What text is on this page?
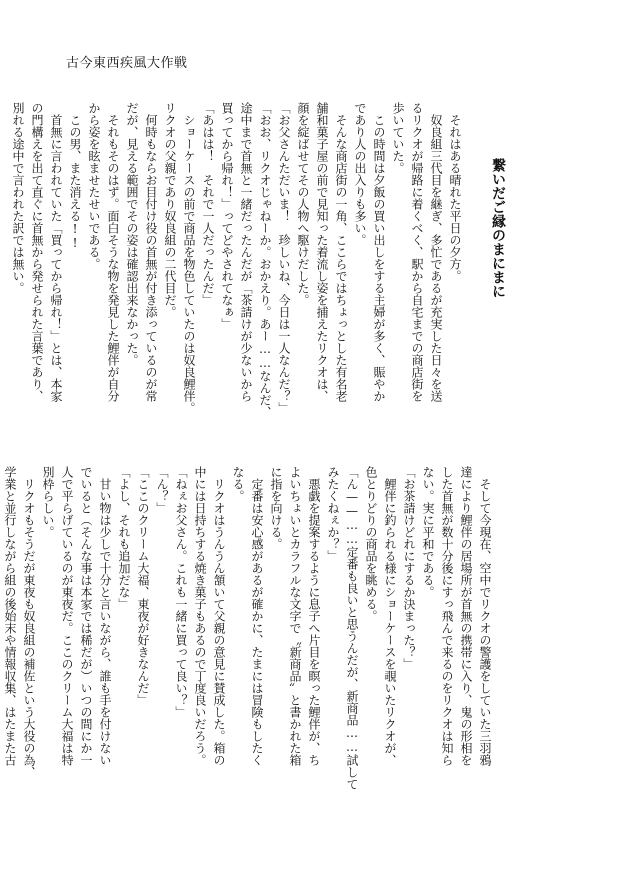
古今東西疾風大作戦

繋いだご縁のまにまに

　それはある晴れた平日の夕方。
　奴良組三代目を継ぎ、多忙であるが充実した日々を送
るリクオが帰路に着くべく、駅から自宅までの商店街を
歩いていた。
　この時間は夕飯の買い出しをする主婦が多く、賑やか
であり人の出入りも多い。
　そんな商店街の一角、ここらではちょっとした有名老
舗和菓子屋の前で見知った着流し姿を捕えたリクオは、
顔を綻ばせてその人物へ駆けだした。
「お父さんただいま！　珍しいね、今日は一人なんだ？」
「おお、リクオじゃねーか。おかえり。あー……なんだ、
途中まで首無と一緒だったんだが「茶請けが少ないから
買ってから帰れ！」ってどやされてなぁ」
「あはは！　それで一人だったんだ」
　ショーケースの前で商品を物色していたのは奴良鯉伴。
リクオの父親であり奴良組の二代目だ。
　何時もならお目付け役の首無が付き添っているのが常
だが、見える範囲でその姿は確認出来なかった。
　それもそのはず。面白そうな物を発見した鯉伴が自分
から姿を眩ませたせいである。
　この男、また消える!!
　首無に言われていた「買ってから帰れ！」とは、本家
の門構えを出て直ぐに首無から発せられた言葉であり、
別れる途中で言われた訳では無い。

　そして今現在、空中でリクオの警護をしていた三羽鴉
達により鯉伴の居場所が首無の携帯に入り、鬼の形相を
した首無が数十分後にすっ飛んで来るのをリクオは知ら
ない。実に平和である。
「お茶請けどれにするか決まった？」
　鯉伴に釣られる様にショーケースを覗いたリクオが、
色とりどりの商品を眺める。
「ん——……定番も良いと思うんだが、新商品……試して
みたくねぇか？」
　悪戯を提案するように息子へ片目を瞑った鯉伴が、ち
よいちょいとカラフルな文字で〝新商品〟と書かれた箱
に指を向ける。
　定番は安心感があるが確かに、たまには冒険もしたく
なる。
　リクオはうんうん頷いて父親の意見に賛成した。箱の
中には日持ちする焼き菓子もあるので丁度良いだろう。
「ねぇお父さん。これも一緒に買って良い？」
「ん？」
「ここのクリーム大福、東夜が好きなんだ」
「よし、それも追加だな」
　甘い物は少しで十分と言いながら、誰も手を付けない
でいると（そんな事は本家では稀だが）いつの間にか一
人で平らげているのが東夜だ。ここのクリーム大福は特
別枠らしい。
　リクオもそうだが東夜も奴良組の補佐という大役の為、
学業と並行しながら組の後始末や情報収集、はたまた古
